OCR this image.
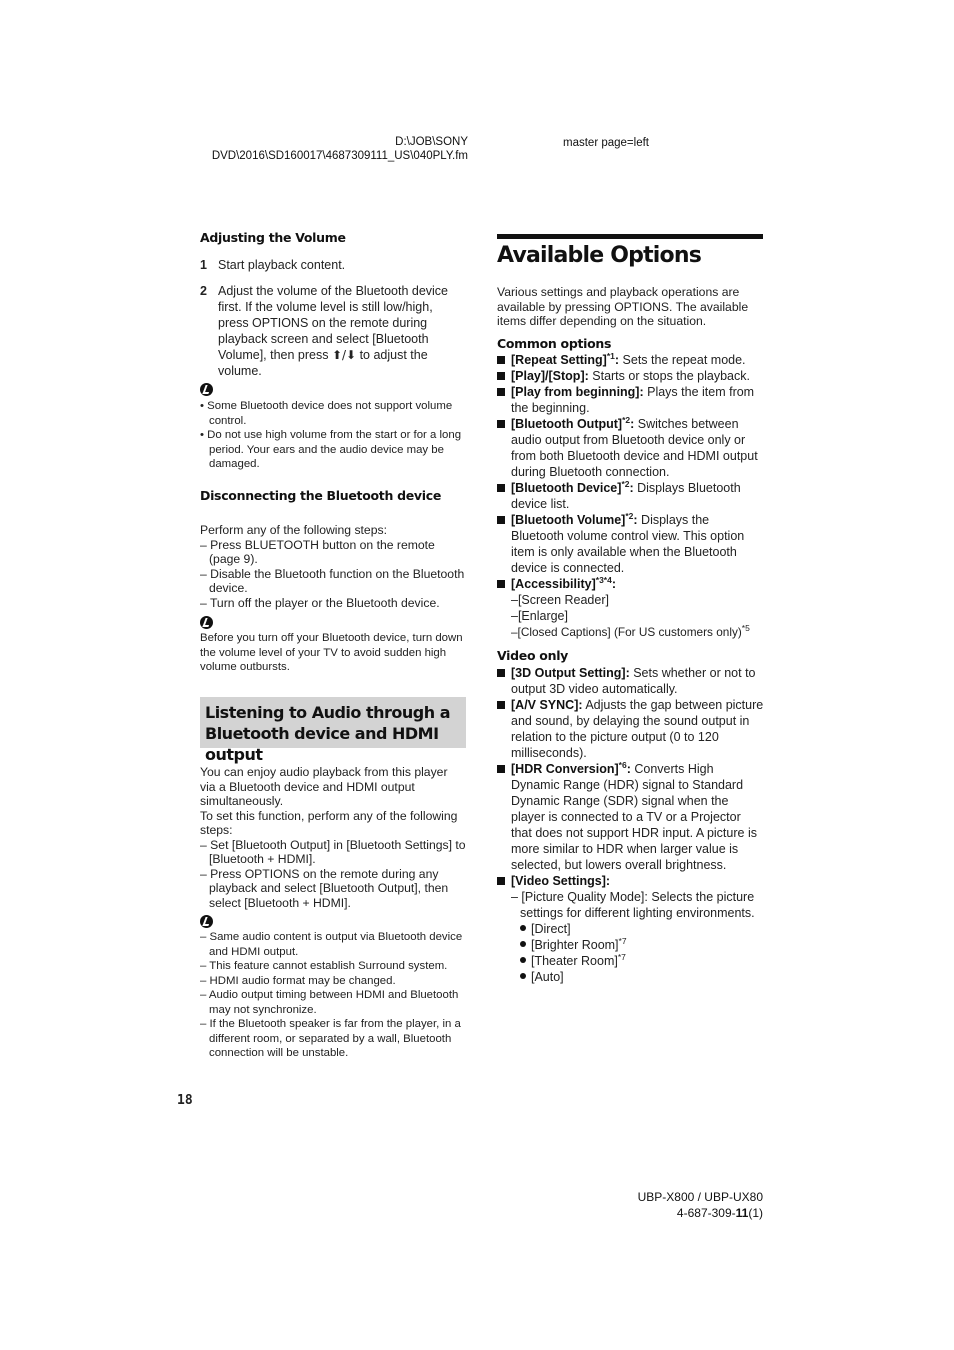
D:\JOB\SONY
DVD\2016\SD160017\4687309111_US\040PLY.fm
master page=left
Adjusting the Volume
1 Start playback content.
2 Adjust the volume of the Bluetooth device first. If the volume level is still low/high, press OPTIONS on the remote during playback screen and select [Bluetooth Volume], then press ⬆/⬇ to adjust the volume.

• Some Bluetooth device does not support volume control.

• Do not use high volume from the start or for a long period. Your ears and the audio device may be damaged.

Disconnecting the Bluetooth device

Perform any of the following steps:

– Press BLUETOOTH button on the remote (page 9).

– Disable the Bluetooth function on the Bluetooth device.

– Turn off the player or the Bluetooth device.

Before you turn off your Bluetooth device, turn down the volume level of your TV to avoid sudden high volume outbursts.
Listening to Audio through a
Bluetooth device and HDMI output

You can enjoy audio playback from this player via a Bluetooth device and HDMI output simultaneously.

To set this function, perform any of the following steps:

– Set [Bluetooth Output] in [Bluetooth Settings] to [Bluetooth + HDMI].

– Press OPTIONS on the remote during any playback and select [Bluetooth Output], then select [Bluetooth + HDMI].

– Same audio content is output via Bluetooth device and HDMI output.

– This feature cannot establish Surround system.

– HDMI audio format may be changed.

– Audio output timing between HDMI and Bluetooth may not synchronize.

– If the Bluetooth speaker is far from the player, in a different room, or separated by a wall, Bluetooth connection will be unstable.

Available Options
Various settings and playback operations are available by pressing OPTIONS. The available items differ depending on the situation.
Common options

[Repeat Setting]$^{*1}$: Sets the repeat mode.

[Play]/[Stop]: Starts or stops the playback.

[Play from beginning]: Plays the item from the beginning.

[Bluetooth Output]$^{*2}$: Switches between audio output from Bluetooth device only or from both Bluetooth device and HDMI output during Bluetooth connection.

[Bluetooth Device]$^{*2}$: Displays Bluetooth device list.

[Bluetooth Volume]$^{*2}$: Displays the Bluetooth volume control view. This option item is only available when the Bluetooth device is connected.

[Accessibility]$^{*3*4}$:

–[Screen Reader]

–[Enlarge]

–[Closed Captions] (For US customers only)$^{*5}$

Video only

[3D Output Setting]: Sets whether or not to output 3D video automatically.

[A/V SYNC]: Adjusts the gap between picture and sound, by delaying the sound output in relation to the picture output (0 to 120 milliseconds).

[HDR Conversion]$^{*6}$: Converts High Dynamic Range (HDR) signal to Standard Dynamic Range (SDR) signal when the player is connected to a TV or a Projector that does not support HDR input. A picture is more similar to HDR when larger value is selected, but lowers overall brightness.

[Video Settings]:

– [Picture Quality Mode]: Selects the picture settings for different lighting environments.

[Direct]

[Brighter Room]$^{*7}$

[Theater Room]$^{*7}$

[Auto]

18
UBP-X800 / UBP-UX80
4-687-309-11(1)
